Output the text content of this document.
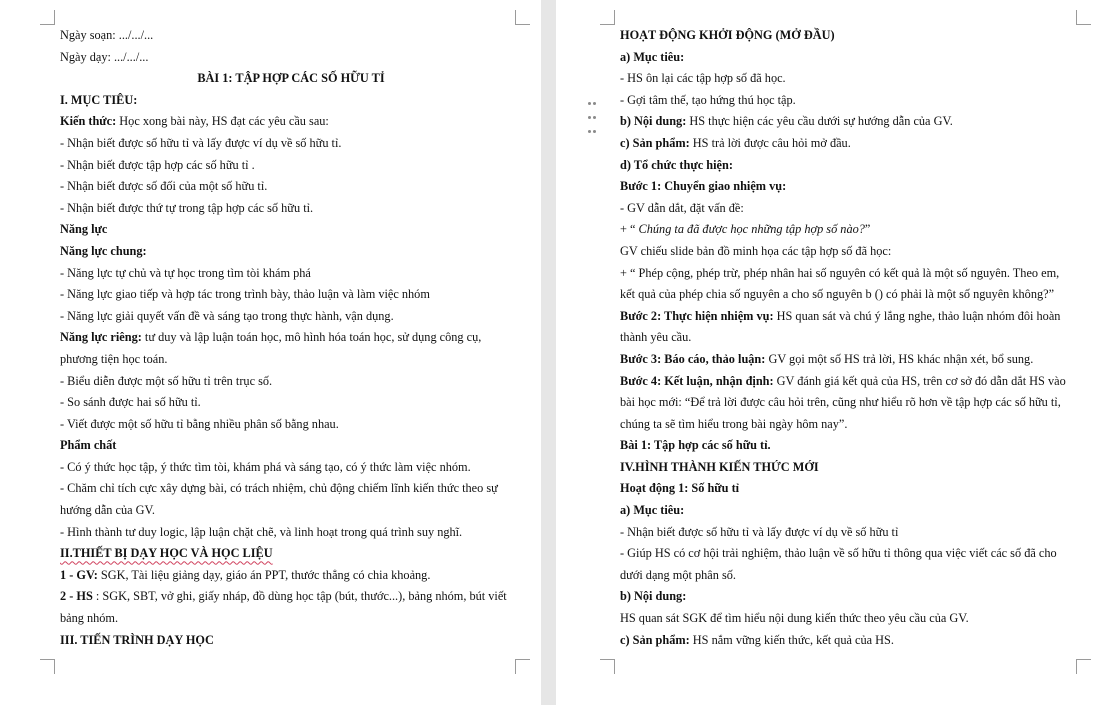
Ngày soạn: .../.../...
Ngày dạy: .../.../...
BÀI 1: TẬP HỢP CÁC SỐ HỮU TỈ
I. MỤC TIÊU:
Kiến thức: Học xong bài này, HS đạt các yêu cầu sau:
- Nhận biết được số hữu tỉ và lấy được ví dụ về số hữu tỉ.
- Nhận biết được tập hợp các số hữu tỉ .
- Nhận biết được số đối của một số hữu tỉ.
- Nhận biết được thứ tự trong tập hợp các số hữu tỉ.
Năng lực
Năng lực chung:
- Năng lực tự chủ và tự học trong tìm tòi khám phá
- Năng lực giao tiếp và hợp tác trong trình bày, thảo luận và làm việc nhóm
- Năng lực giải quyết vấn đề và sáng tạo trong thực hành, vận dụng.
Năng lực riêng: tư duy và lập luận toán học, mô hình hóa toán học, sử dụng công cụ,
phương tiện học toán.
- Biểu diễn được một số hữu tỉ trên trục số.
- So sánh được hai số hữu tỉ.
- Viết được một số hữu tỉ bằng nhiều phân số bằng nhau.
Phẩm chất
- Có ý thức học tập, ý thức tìm tòi, khám phá và sáng tạo, có ý thức làm việc nhóm.
- Chăm chỉ tích cực xây dựng bài, có trách nhiệm, chủ động chiếm lĩnh kiến thức theo sự
hướng dẫn của GV.
- Hình thành tư duy logic, lập luận chặt chẽ, và linh hoạt trong quá trình suy nghĩ.
II.THIẾT BỊ DẠY HỌC VÀ HỌC LIỆU
1 - GV: SGK, Tài liệu giảng dạy, giáo án PPT, thước thẳng có chia khoảng.
2 - HS : SGK, SBT, vở ghi, giấy nháp, đồ dùng học tập (bút, thước...), bảng nhóm, bút viết
bảng nhóm.
III. TIẾN TRÌNH DẠY HỌC
HOẠT ĐỘNG KHỞI ĐỘNG (MỞ ĐẦU)
a) Mục tiêu:
- HS ôn lại các tập hợp số đã học.
- Gợi tâm thế, tạo hứng thú học tập.
b) Nội dung: HS thực hiện các yêu cầu dưới sự hướng dẫn của GV.
c) Sản phẩm: HS trả lời được câu hỏi mở đầu.
d) Tổ chức thực hiện:
Bước 1: Chuyển giao nhiệm vụ:
- GV dẫn dắt, đặt vấn đề:
+ “ Chúng ta đã được học những tập hợp số nào?”
GV chiếu slide bản đồ minh họa các tập hợp số đã học:
+ “ Phép cộng, phép trừ, phép nhân hai số nguyên có kết quả là một số nguyên. Theo em,
kết quả của phép chia số nguyên a cho số nguyên b () có phải là một số nguyên không?”
Bước 2: Thực hiện nhiệm vụ: HS quan sát và chú ý lắng nghe, thảo luận nhóm đôi hoàn
thành yêu cầu.
Bước 3: Báo cáo, thảo luận: GV gọi một số HS trả lời, HS khác nhận xét, bổ sung.
Bước 4: Kết luận, nhận định: GV đánh giá kết quả của HS, trên cơ sở đó dẫn dắt HS vào
bài học mới: “Để trả lời được câu hỏi trên, cũng như hiểu rõ hơn về tập hợp các số hữu tỉ,
chúng ta sẽ tìm hiểu trong bài ngày hôm nay”.
Bài 1: Tập hợp các số hữu tỉ.
IV.HÌNH THÀNH KIẾN THỨC MỚI
Hoạt động 1: Số hữu tỉ
a) Mục tiêu:
- Nhận biết được số hữu tỉ và lấy được ví dụ về số hữu tỉ
- Giúp HS có cơ hội trải nghiệm, thảo luận về số hữu tỉ thông qua việc viết các số đã cho
dưới dạng một phân số.
b) Nội dung:
HS quan sát SGK để tìm hiểu nội dung kiến thức theo yêu cầu của GV.
c) Sản phẩm: HS nắm vững kiến thức, kết quả của HS.
